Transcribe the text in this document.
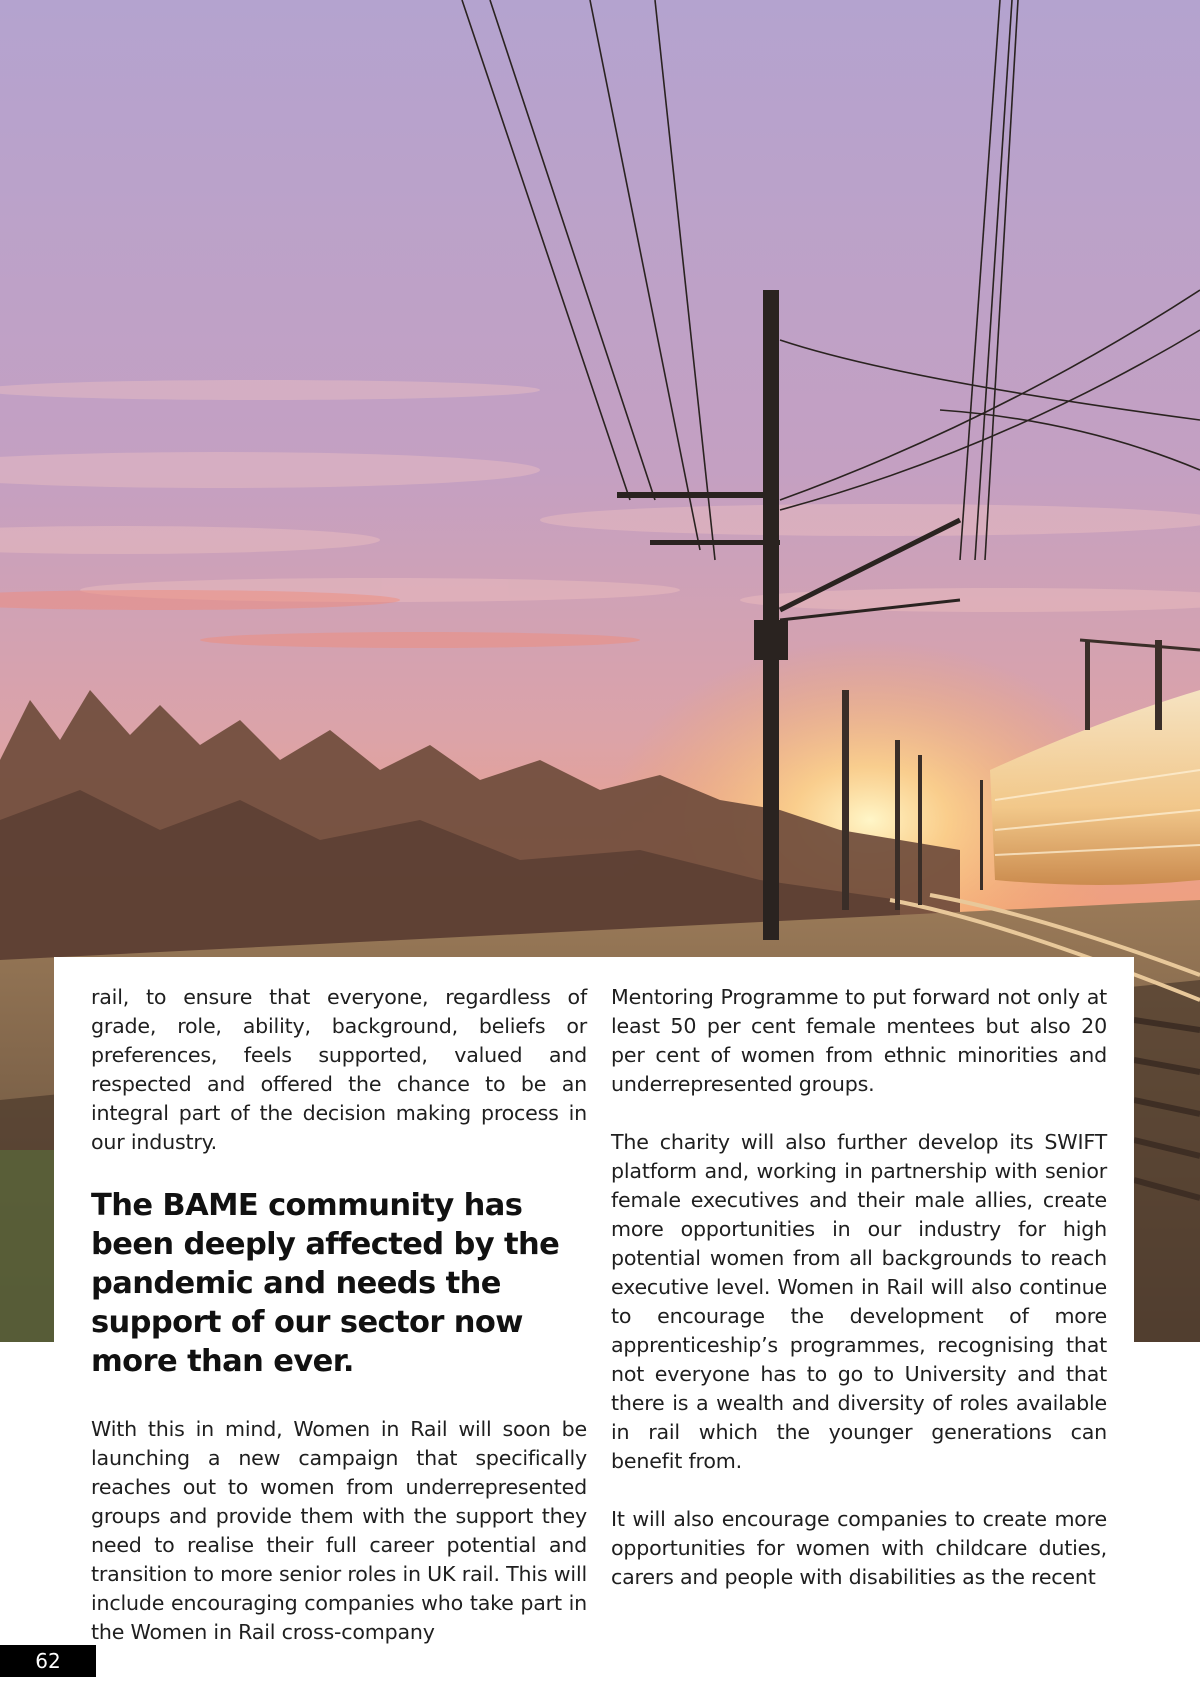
rail, to ensure that everyone, regardless of grade, role, ability, background, beliefs or preferences, feels supported, valued and respected and offered the chance to be an integral part of the decision making process in our industry.

The BAME community has been deeply affected by the pandemic and needs the support of our sector now more than ever.

With this in mind, Women in Rail will soon be launching a new campaign that specifically reaches out to women from underrepresented groups and provide them with the support they need to realise their full career potential and transition to more senior roles in UK rail. This will include encouraging companies who take part in the Women in Rail cross-company

Mentoring Programme to put forward not only at least 50 per cent female mentees but also 20 per cent of women from ethnic minorities and underrepresented groups.

The charity will also further develop its SWIFT platform and, working in partnership with senior female executives and their male allies, create more opportunities in our industry for high potential women from all backgrounds to reach executive level. Women in Rail will also continue to encourage the development of more apprenticeship’s programmes, recognising that not everyone has to go to University and that there is a wealth and diversity of roles available in rail which the younger generations can benefit from.

It will also encourage companies to create more opportunities for women with childcare duties, carers and people with disabilities as the recent

62
